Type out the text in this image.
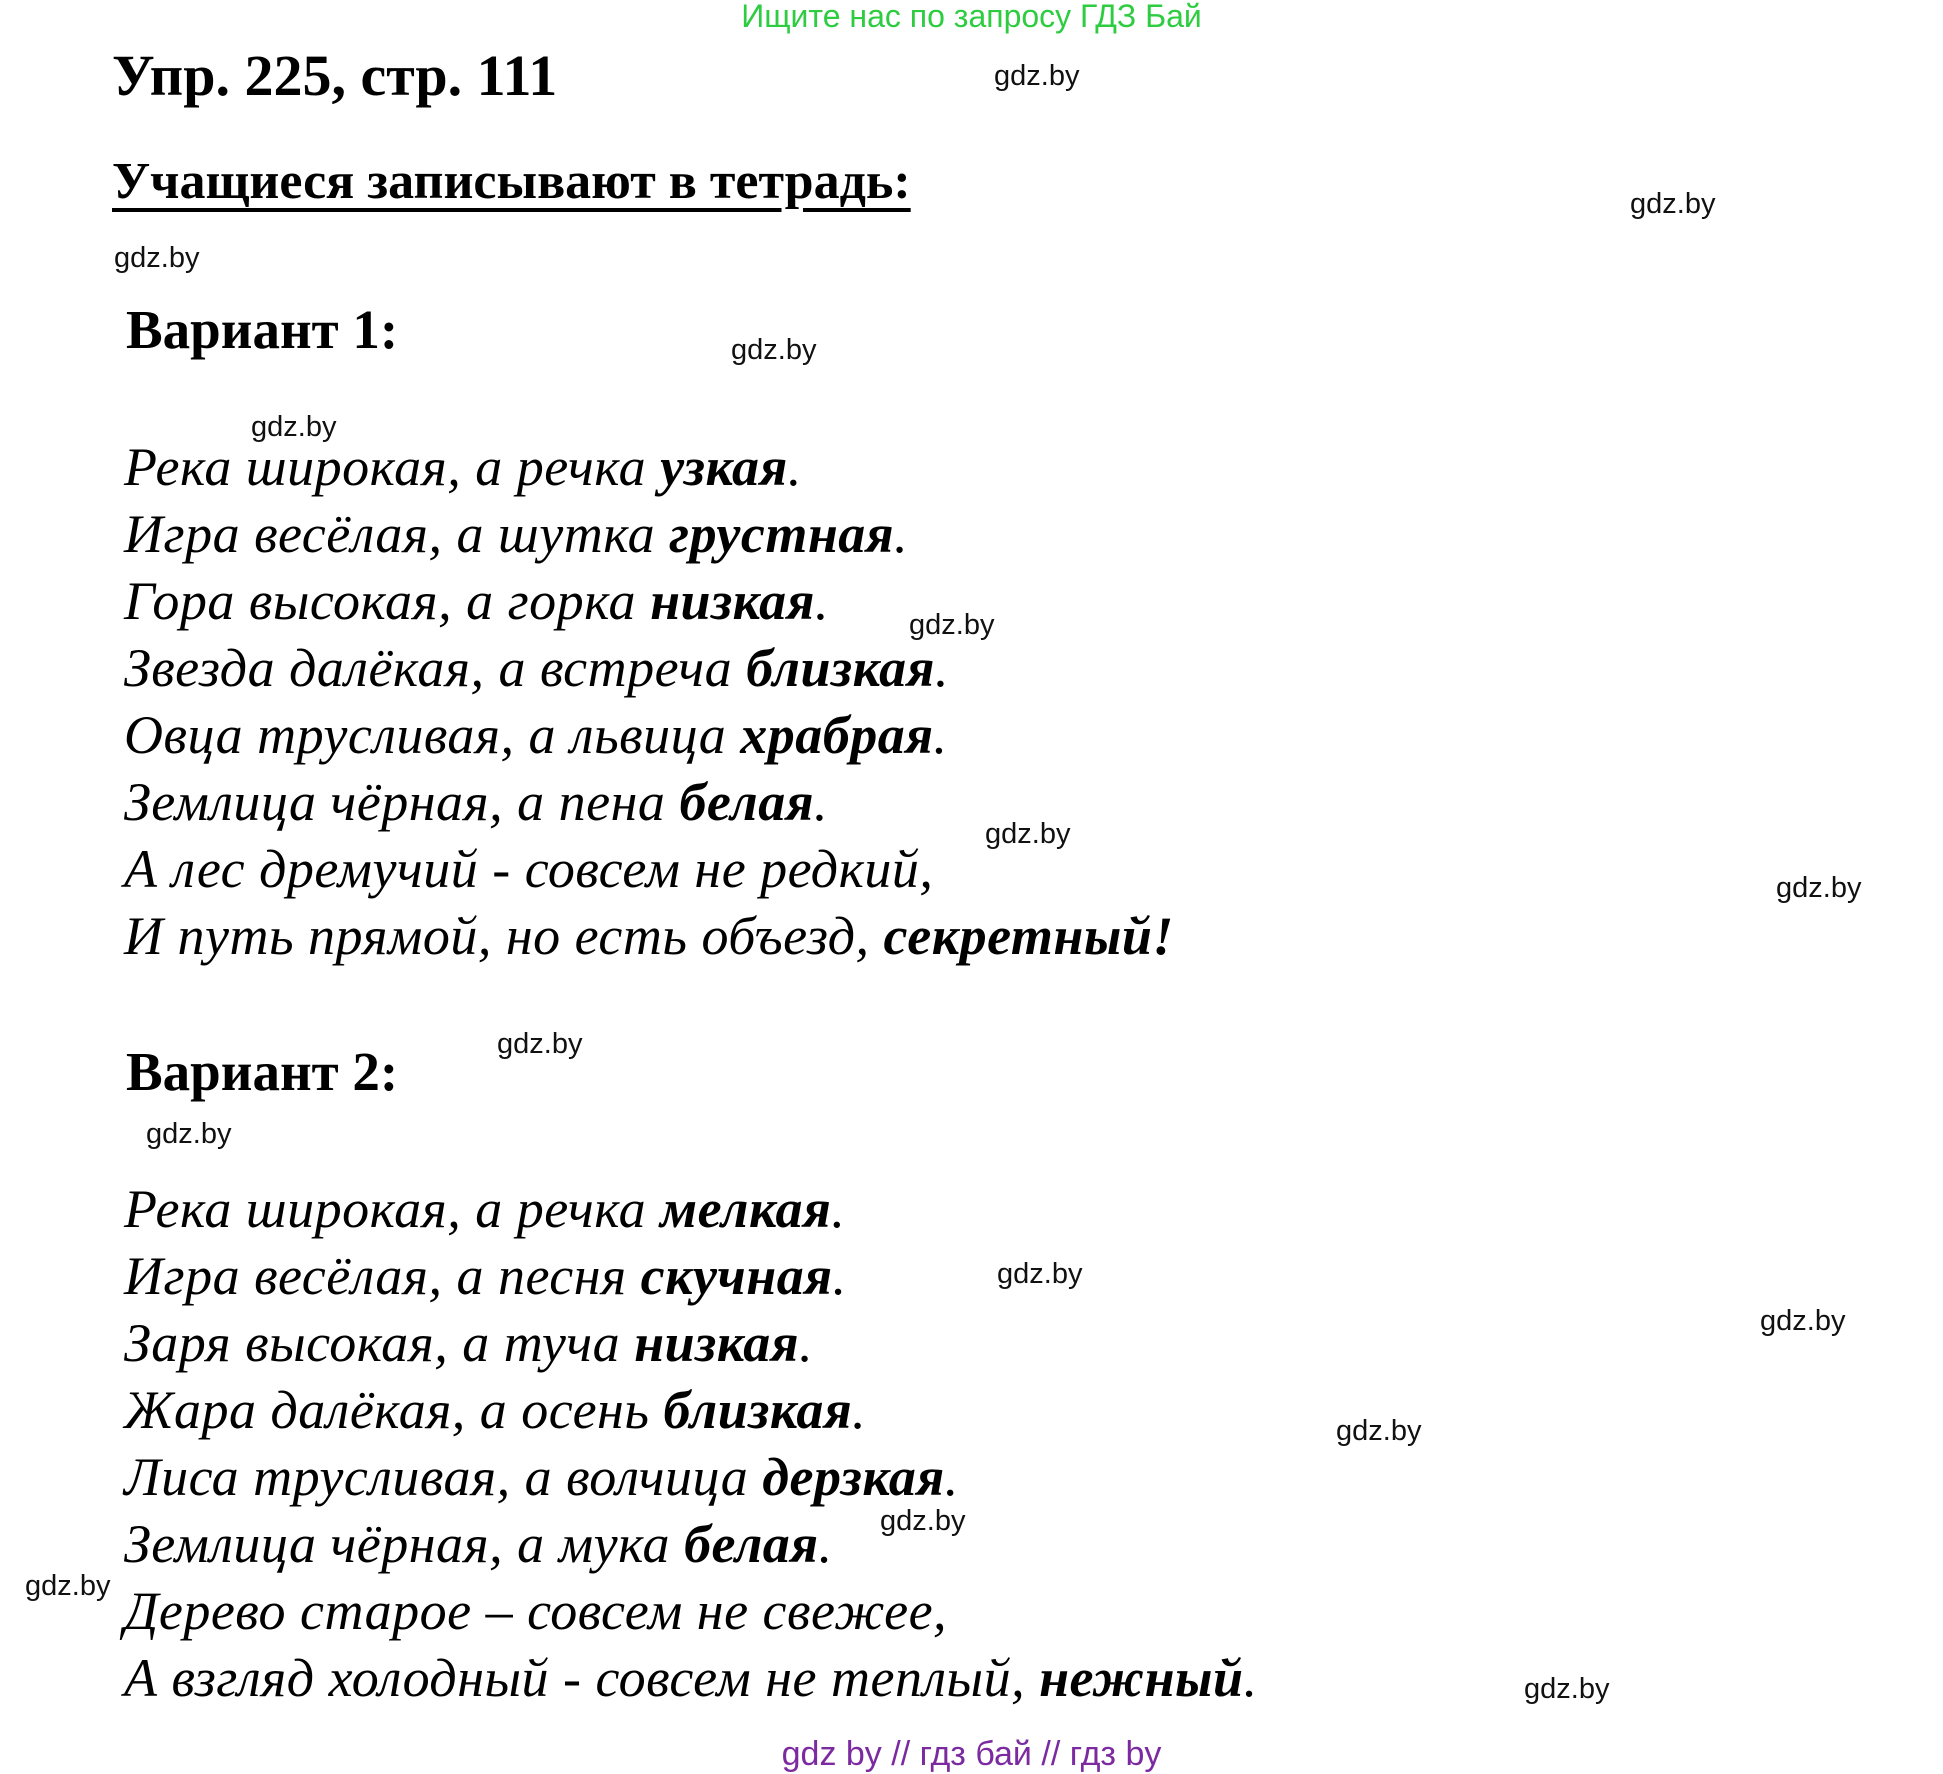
Ищите нас по запросу ГДЗ Бай
Упр. 225, стр. 111
Учащиеся записывают в тетрадь:
Вариант 1:
Река широкая, а речка узкая.
Игра весёлая, а шутка грустная.
Гора высокая, а горка низкая.
Звезда далёкая, а встреча близкая.
Овца трусливая, а львица храбрая.
Землица чёрная, а пена белая.
А лес дремучий - совсем не редкий,
И путь прямой, но есть объезд, секретный!
Вариант 2:
Река широкая, а речка мелкая.
Игра весёлая, а песня скучная.
Заря высокая, а туча низкая.
Жара далёкая, а осень близкая.
Лиса трусливая, а волчица дерзкая.
Землица чёрная, а мука белая.
Дерево старое – совсем не свежее,
А взгляд холодный - совсем не теплый, нежный.
gdz.by
gdz.by
gdz.by
gdz.by
gdz.by
gdz.by
gdz.by
gdz.by
gdz.by
gdz.by
gdz.by
gdz.by
gdz.by
gdz.by
gdz.by
gdz.by
gdz by // гдз бай // гдз by
